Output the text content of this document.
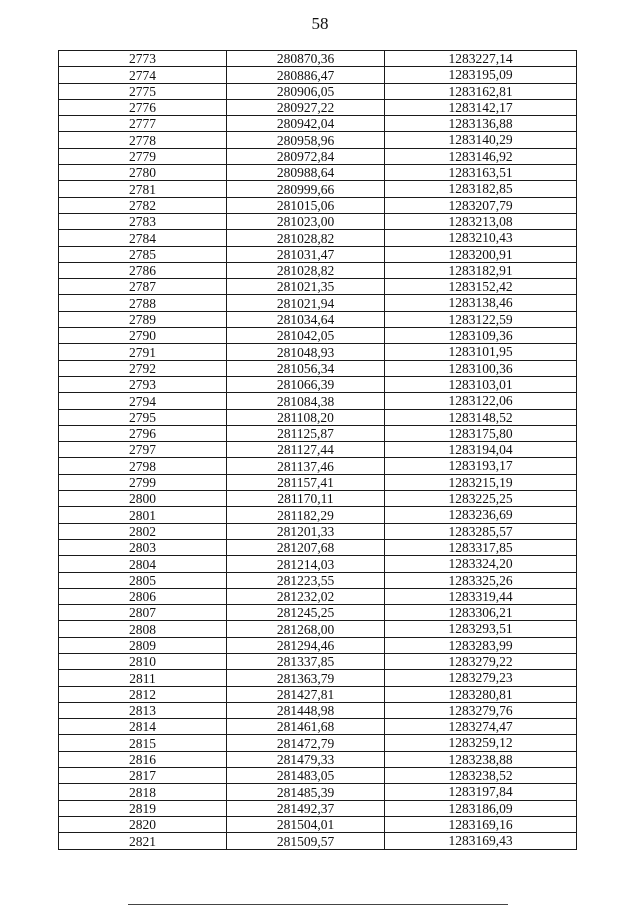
58
2773	280870,36	1283227,14
2774	280886,47	1283195,09
2775	280906,05	1283162,81
2776	280927,22	1283142,17
2777	280942,04	1283136,88
2778	280958,96	1283140,29
2779	280972,84	1283146,92
2780	280988,64	1283163,51
2781	280999,66	1283182,85
2782	281015,06	1283207,79
2783	281023,00	1283213,08
2784	281028,82	1283210,43
2785	281031,47	1283200,91
2786	281028,82	1283182,91
2787	281021,35	1283152,42
2788	281021,94	1283138,46
2789	281034,64	1283122,59
2790	281042,05	1283109,36
2791	281048,93	1283101,95
2792	281056,34	1283100,36
2793	281066,39	1283103,01
2794	281084,38	1283122,06
2795	281108,20	1283148,52
2796	281125,87	1283175,80
2797	281127,44	1283194,04
2798	281137,46	1283193,17
2799	281157,41	1283215,19
2800	281170,11	1283225,25
2801	281182,29	1283236,69
2802	281201,33	1283285,57
2803	281207,68	1283317,85
2804	281214,03	1283324,20
2805	281223,55	1283325,26
2806	281232,02	1283319,44
2807	281245,25	1283306,21
2808	281268,00	1283293,51
2809	281294,46	1283283,99
2810	281337,85	1283279,22
2811	281363,79	1283279,23
2812	281427,81	1283280,81
2813	281448,98	1283279,76
2814	281461,68	1283274,47
2815	281472,79	1283259,12
2816	281479,33	1283238,88
2817	281483,05	1283238,52
2818	281485,39	1283197,84
2819	281492,37	1283186,09
2820	281504,01	1283169,16
2821	281509,57	1283169,43
